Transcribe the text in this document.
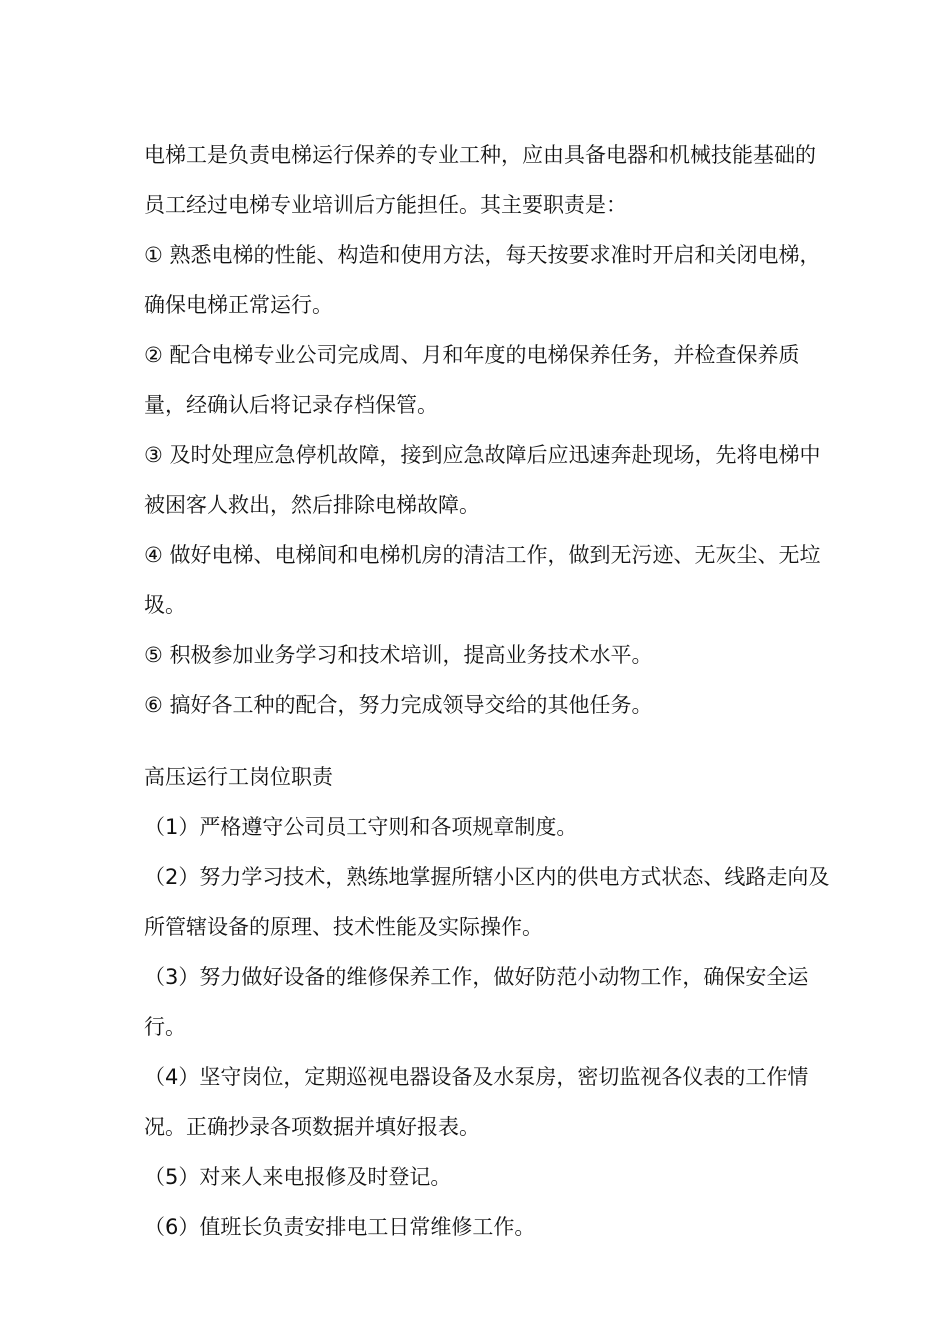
电梯工是负责电梯运行保养的专业工种，应由具备电器和机械技能基础的员工经过电梯专业培训后方能担任。其主要职责是：

① 熟悉电梯的性能、构造和使用方法，每天按要求准时开启和关闭电梯，确保电梯正常运行。

② 配合电梯专业公司完成周、月和年度的电梯保养任务，并检查保养质量，经确认后将记录存档保管。

③ 及时处理应急停机故障，接到应急故障后应迅速奔赴现场，先将电梯中被困客人救出，然后排除电梯故障。

④ 做好电梯、电梯间和电梯机房的清洁工作，做到无污迹、无灰尘、无垃圾。

⑤ 积极参加业务学习和技术培训，提高业务技术水平。

⑥ 搞好各工种的配合，努力完成领导交给的其他任务。

高压运行工岗位职责

（1）严格遵守公司员工守则和各项规章制度。

（2）努力学习技术，熟练地掌握所辖小区内的供电方式状态、线路走向及所管辖设备的原理、技术性能及实际操作。

（3）努力做好设备的维修保养工作，做好防范小动物工作，确保安全运行。

（4）坚守岗位，定期巡视电器设备及水泵房，密切监视各仪表的工作情况。正确抄录各项数据并填好报表。

（5）对来人来电报修及时登记。

（6）值班长负责安排电工日常维修工作。
